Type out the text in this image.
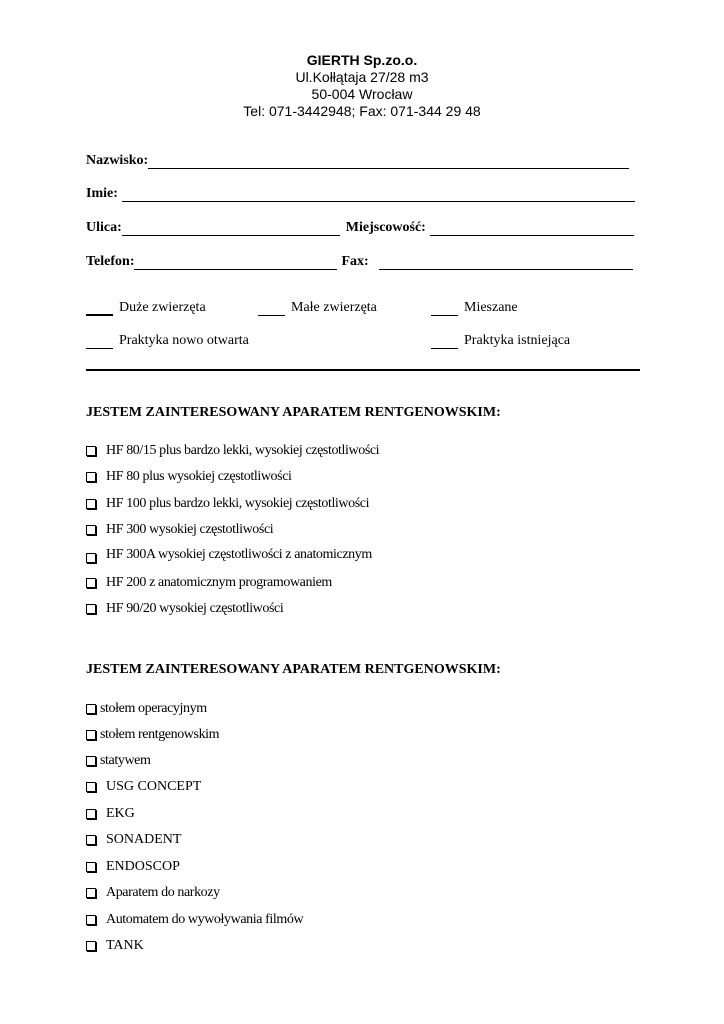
GIERTH Sp.zo.o.
Ul.Kołłątaja 27/28 m3
50-004 Wrocław
Tel: 071-3442948; Fax: 071-344 29 48
Nazwisko:
Imie:
Ulica:	Miejscowość:
Telefon:	Fax:
Duże zwierzęta	Małe zwierzęta	Mieszane
Praktyka nowo otwarta	Praktyka istniejąca
JESTEM ZAINTERESOWANY APARATEM RENTGENOWSKIM:
HF 80/15 plus bardzo lekki, wysokiej częstotliwości
HF 80 plus wysokiej częstotliwości
HF 100 plus bardzo lekki, wysokiej częstotliwości
HF 300 wysokiej częstotliwości
HF 300A wysokiej częstotliwości z anatomicznym
HF 200 z anatomicznym programowaniem
HF 90/20 wysokiej częstotliwości
JESTEM ZAINTERESOWANY APARATEM RENTGENOWSKIM:
stołem operacyjnym
stołem rentgenowskim
statywem
USG CONCEPT
EKG
SONADENT
ENDOSCOP
Aparatem do narkozy
Automatem do wywoływania filmów
TANK
